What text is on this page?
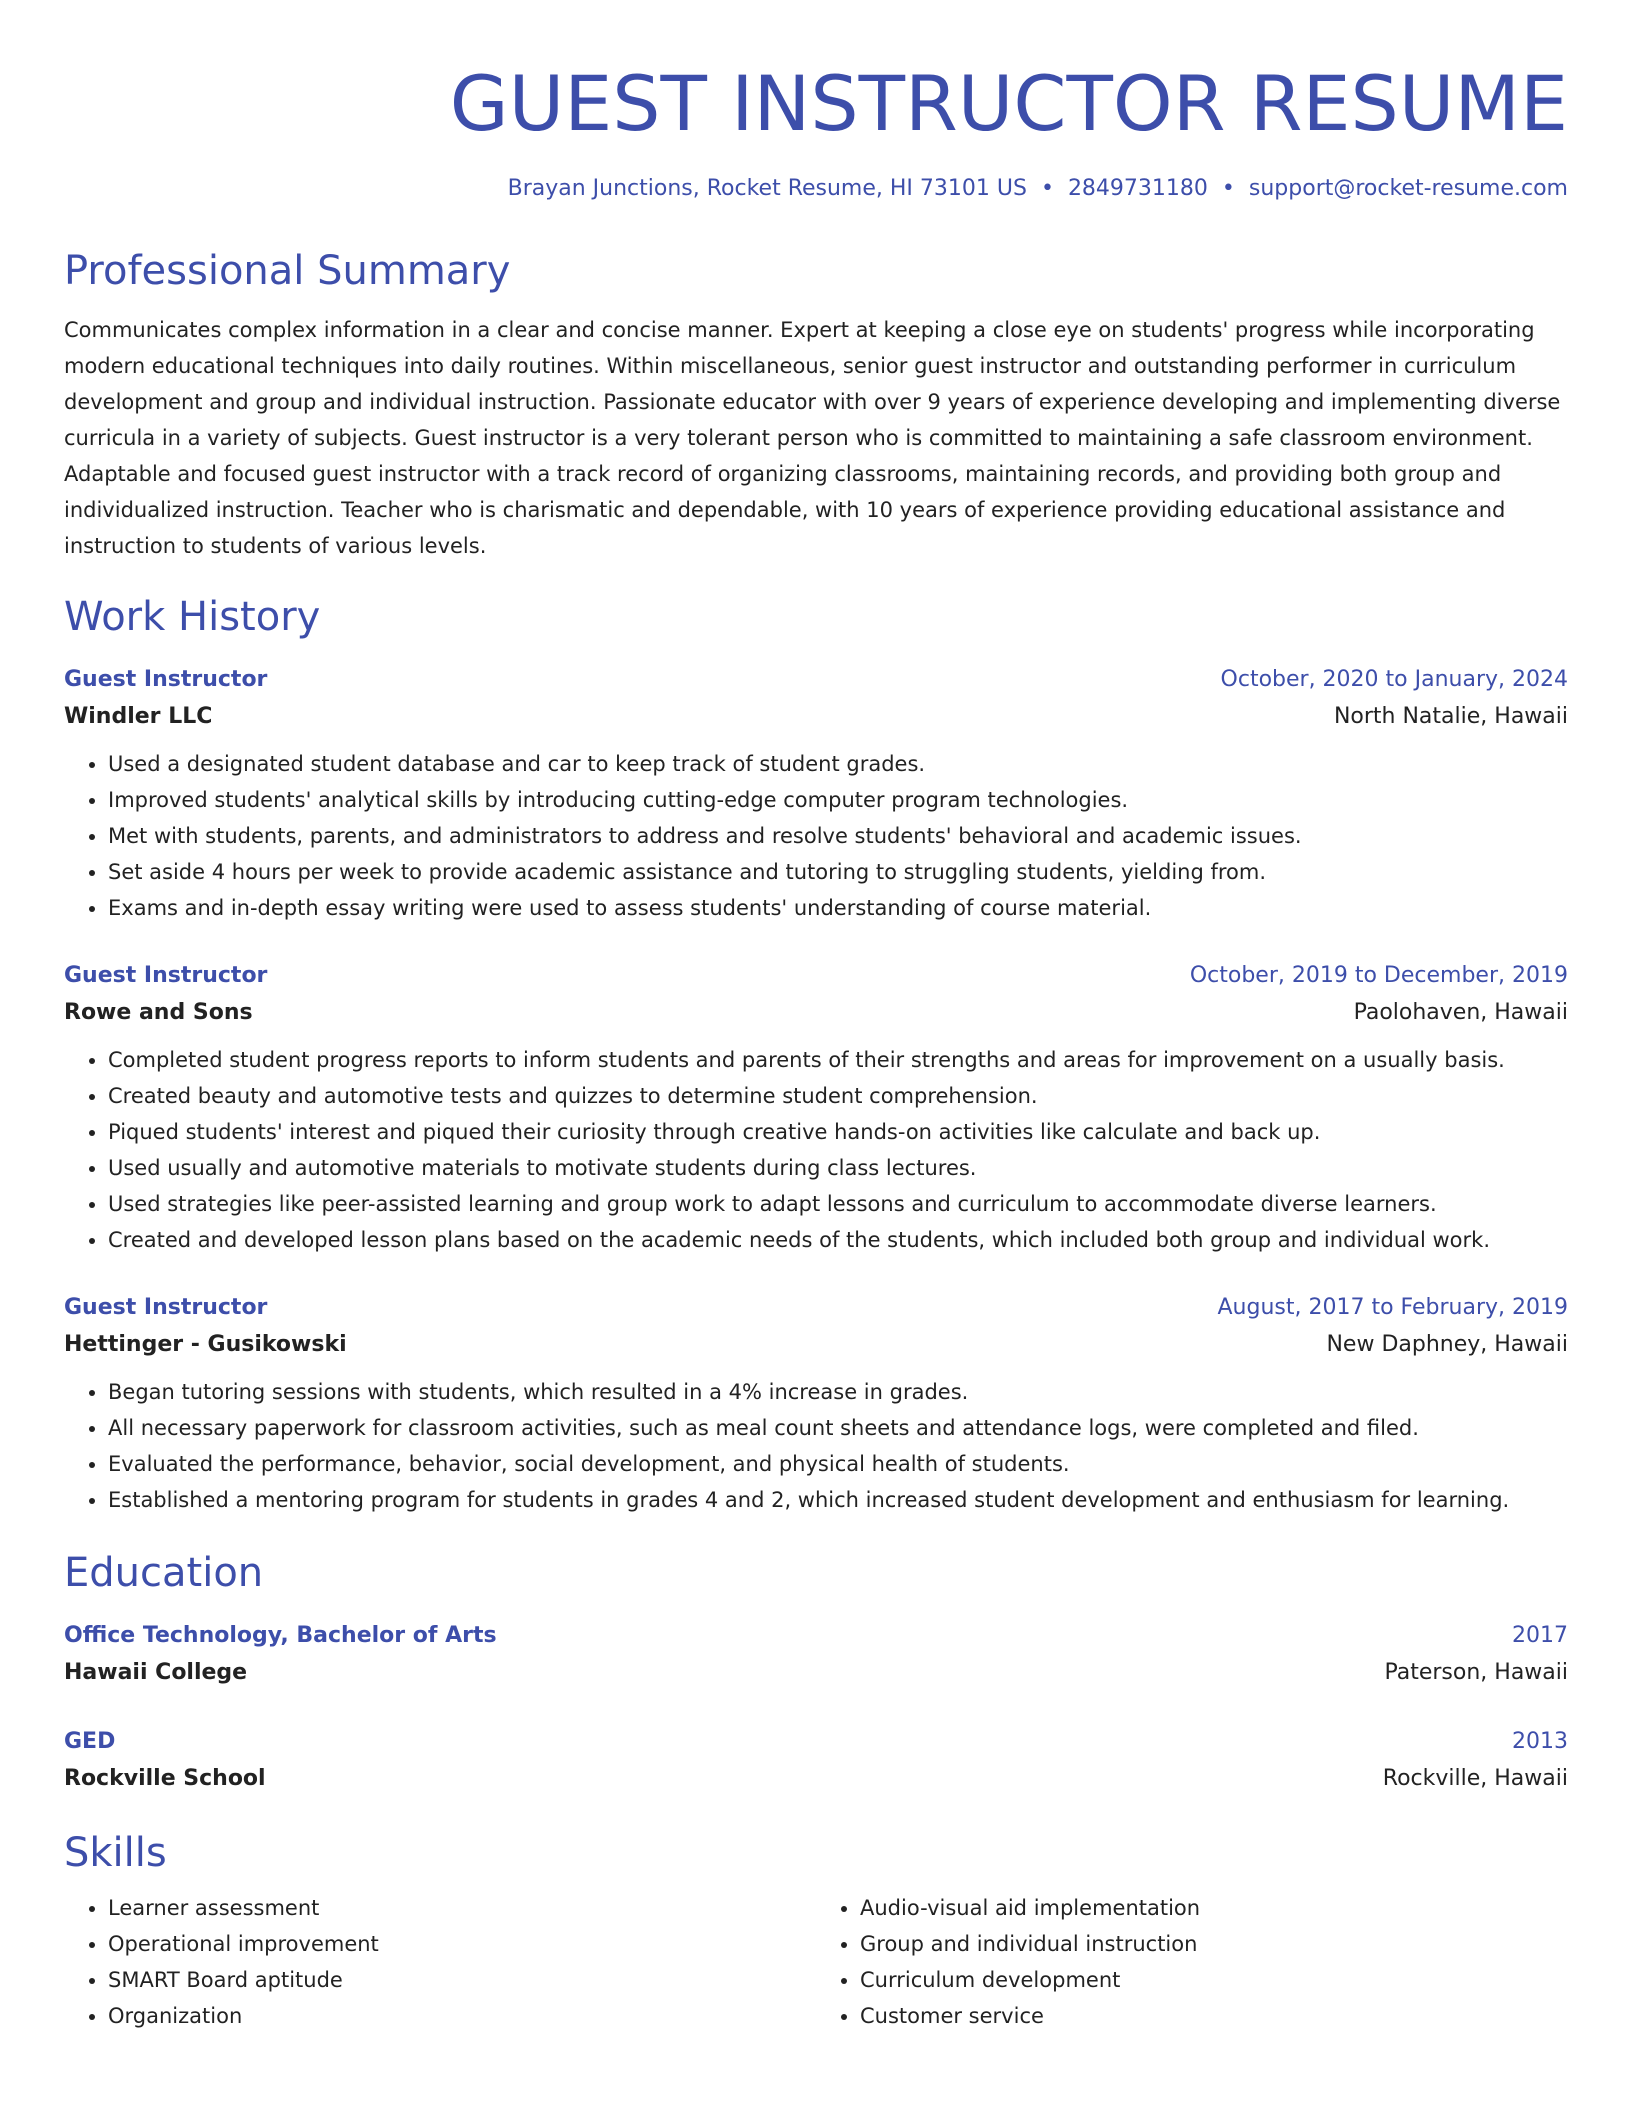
GUEST INSTRUCTOR RESUME
Brayan Junctions, Rocket Resume, HI 73101 US • 2849731180 • support@rocket-resume.com
Professional Summary
Communicates complex information in a clear and concise manner. Expert at keeping a close eye on students' progress while incorporating modern educational techniques into daily routines. Within miscellaneous, senior guest instructor and outstanding performer in curriculum development and group and individual instruction. Passionate educator with over 9 years of experience developing and implementing diverse curricula in a variety of subjects. Guest instructor is a very tolerant person who is committed to maintaining a safe classroom environment. Adaptable and focused guest instructor with a track record of organizing classrooms, maintaining records, and providing both group and individualized instruction. Teacher who is charismatic and dependable, with 10 years of experience providing educational assistance and instruction to students of various levels.
Work History
Guest Instructor	October, 2020 to January, 2024
Windler LLC	North Natalie, Hawaii
• Used a designated student database and car to keep track of student grades.
• Improved students' analytical skills by introducing cutting-edge computer program technologies.
• Met with students, parents, and administrators to address and resolve students' behavioral and academic issues.
• Set aside 4 hours per week to provide academic assistance and tutoring to struggling students, yielding from.
• Exams and in-depth essay writing were used to assess students' understanding of course material.
Guest Instructor	October, 2019 to December, 2019
Rowe and Sons	Paolohaven, Hawaii
• Completed student progress reports to inform students and parents of their strengths and areas for improvement on a usually basis.
• Created beauty and automotive tests and quizzes to determine student comprehension.
• Piqued students' interest and piqued their curiosity through creative hands-on activities like calculate and back up.
• Used usually and automotive materials to motivate students during class lectures.
• Used strategies like peer-assisted learning and group work to adapt lessons and curriculum to accommodate diverse learners.
• Created and developed lesson plans based on the academic needs of the students, which included both group and individual work.
Guest Instructor	August, 2017 to February, 2019
Hettinger - Gusikowski	New Daphney, Hawaii
• Began tutoring sessions with students, which resulted in a 4% increase in grades.
• All necessary paperwork for classroom activities, such as meal count sheets and attendance logs, were completed and filed.
• Evaluated the performance, behavior, social development, and physical health of students.
• Established a mentoring program for students in grades 4 and 2, which increased student development and enthusiasm for learning.
Education
Office Technology, Bachelor of Arts	2017
Hawaii College	Paterson, Hawaii
GED	2013
Rockville School	Rockville, Hawaii
Skills
• Learner assessment
• Operational improvement
• SMART Board aptitude
• Organization
• Audio-visual aid implementation
• Group and individual instruction
• Curriculum development
• Customer service
